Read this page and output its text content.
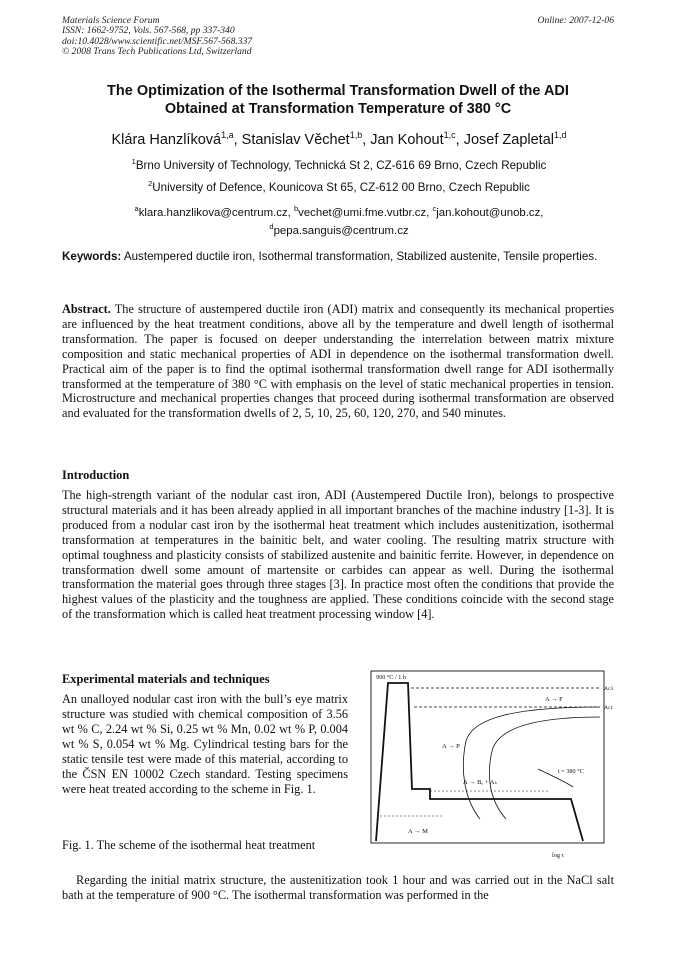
Materials Science Forum
ISSN: 1662-9752, Vols. 567-568, pp 337-340
doi:10.4028/www.scientific.net/MSF.567-568.337
© 2008 Trans Tech Publications Ltd, Switzerland
Online: 2007-12-06
The Optimization of the Isothermal Transformation Dwell of the ADI
Obtained at Transformation Temperature of 380 °C
Klára Hanzlíková$^{1,a}$, Stanislav Věchet$^{1,b}$, Jan Kohout$^{1,c}$, Josef Zapletal$^{1,d}$
$^1$Brno University of Technology, Technická St 2, CZ-616 69 Brno, Czech Republic
$^2$University of Defence, Kounicova St 65, CZ-612 00 Brno, Czech Republic
$^a$klara.hanzlikova@centrum.cz, $^b$vechet@umi.fme.vutbr.cz, $^c$jan.kohout@unob.cz,
$^d$pepa.sanguis@centrum.cz
Keywords: Austempered ductile iron, Isothermal transformation, Stabilized austenite, Tensile properties.
Abstract. The structure of austempered ductile iron (ADI) matrix and consequently its mechanical properties are influenced by the heat treatment conditions, above all by the temperature and dwell length of isothermal transformation. The paper is focused on deeper understanding the interrelation between matrix mixture composition and static mechanical properties of ADI in dependence on the isothermal transformation dwell. Practical aim of the paper is to find the optimal isothermal transformation dwell range for ADI isothermally transformed at the temperature of 380 °C with emphasis on the level of static mechanical properties in tension. Microstructure and mechanical properties changes that proceed during isothermal transformation are observed and evaluated for the transformation dwells of 2, 5, 10, 25, 60, 120, 270, and 540 minutes.
Introduction
The high-strength variant of the nodular cast iron, ADI (Austempered Ductile Iron), belongs to prospective structural materials and it has been already applied in all important branches of the machine industry [1-3]. It is produced from a nodular cast iron by the isothermal heat treatment which includes austenitization, isothermal transformation at temperatures in the bainitic belt, and water cooling. The resulting matrix structure with optimal toughness and plasticity consists of stabilized austenite and bainitic ferrite. However, in dependence on transformation dwell some amount of martensite or carbides can appear as well. During the isothermal transformation the material goes through three stages [3]. In practice most often the conditions that provide the highest values of the plasticity and the toughness are applied. These conditions coincide with the second stage of the transformation which is called heat treatment processing window [4].
Experimental materials and techniques
An unalloyed nodular cast iron with the bull’s eye matrix structure was studied with chemical composition of 3.56 wt % C, 2.24 wt % Si, 0.25 wt % Mn, 0.02 wt % P, 0.004 wt % S, 0.054 wt % Mg. Cylindrical testing bars for the static tensile test were made of this material, according to the ČSN EN 10002 Czech standard. Testing specimens were heat treated according to the scheme in Fig. 1.
Fig. 1. The scheme of the isothermal heat treatment
900 °C / 1 h
Ac3
Ac1
A → F
A → P
A → Bₐ + Aₛ
t = 380 °C
A → M
log τ
Regarding the initial matrix structure, the austenitization took 1 hour and was carried out in the NaCl salt bath at the temperature of 900 °C. The isothermal transformation was performed in the
